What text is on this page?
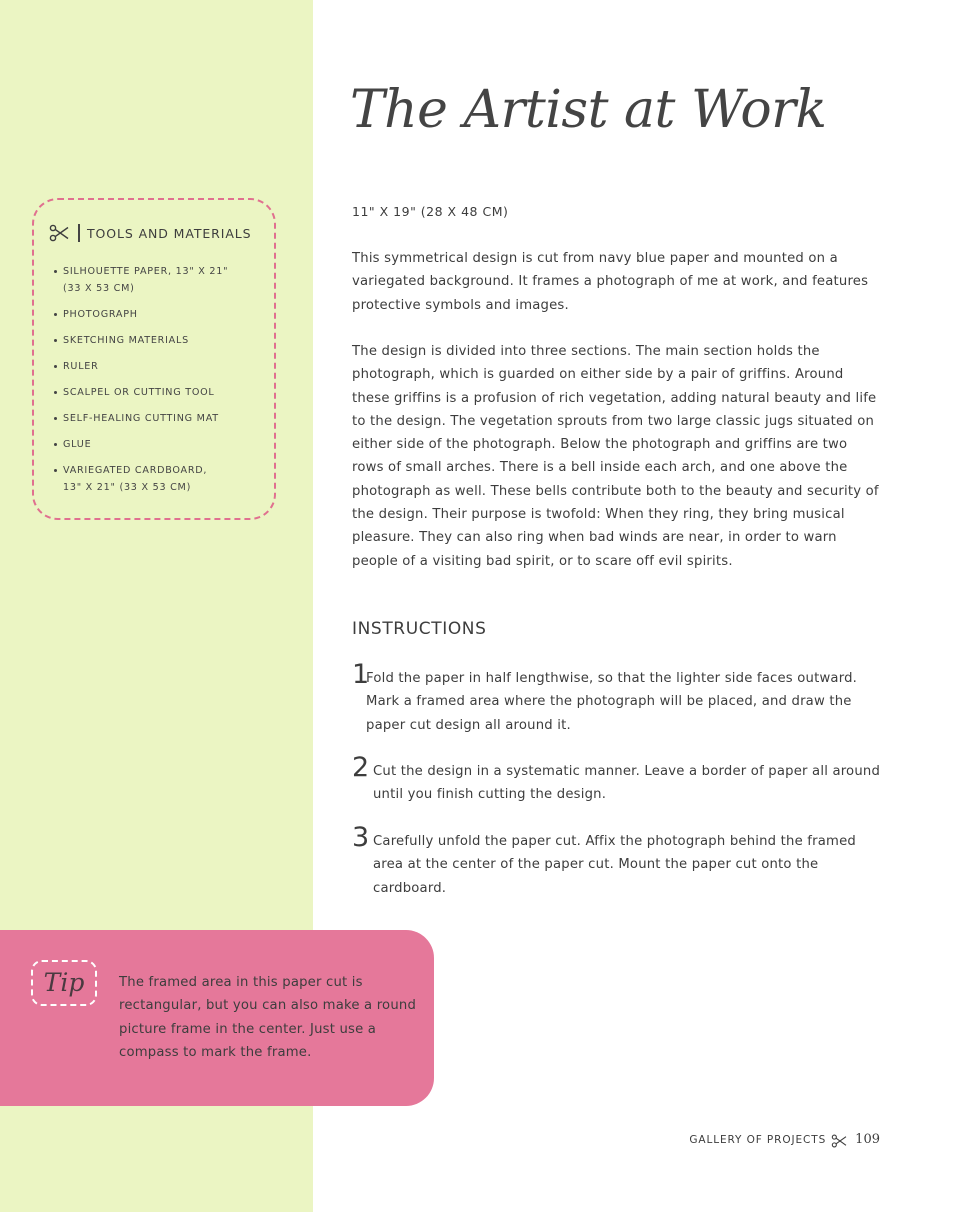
TOOLS AND MATERIALS
SILHOUETTE PAPER, 13" X 21"
(33 X 53 CM)
PHOTOGRAPH
SKETCHING MATERIALS
RULER
SCALPEL OR CUTTING TOOL
SELF-HEALING CUTTING MAT
GLUE
VARIEGATED CARDBOARD,
13" X 21" (33 X 53 CM)
The Artist at Work
11" X 19" (28 X 48 CM)

This symmetrical design is cut from navy blue paper and mounted on a variegated background. It frames a photograph of me at work, and features protective symbols and images.

The design is divided into three sections. The main section holds the photograph, which is guarded on either side by a pair of griffins. Around these griffins is a profusion of rich vegetation, adding natural beauty and life to the design. The vegetation sprouts from two large classic jugs situated on either side of the photograph. Below the photograph and griffins are two rows of small arches. There is a bell inside each arch, and one above the photograph as well. These bells contribute both to the beauty and security of the design. Their purpose is twofold: When they ring, they bring musical pleasure. They can also ring when bad winds are near, in order to warn people of a visiting bad spirit, or to scare off evil spirits.

INSTRUCTIONS
1
Fold the paper in half lengthwise, so that the lighter side faces outward. Mark a framed area where the photograph will be placed, and draw the paper cut design all around it.
2 Cut the design in a systematic manner. Leave a border of paper all around until you finish cutting the design.
3 Carefully unfold the paper cut. Affix the photograph behind the framed area at the center of the paper cut. Mount the paper cut onto the cardboard.
Tip	The framed area in this paper cut is rectangular, but you can also make a round picture frame in the center. Just use a compass to mark the frame.

GALLERY OF PROJECTS 109
